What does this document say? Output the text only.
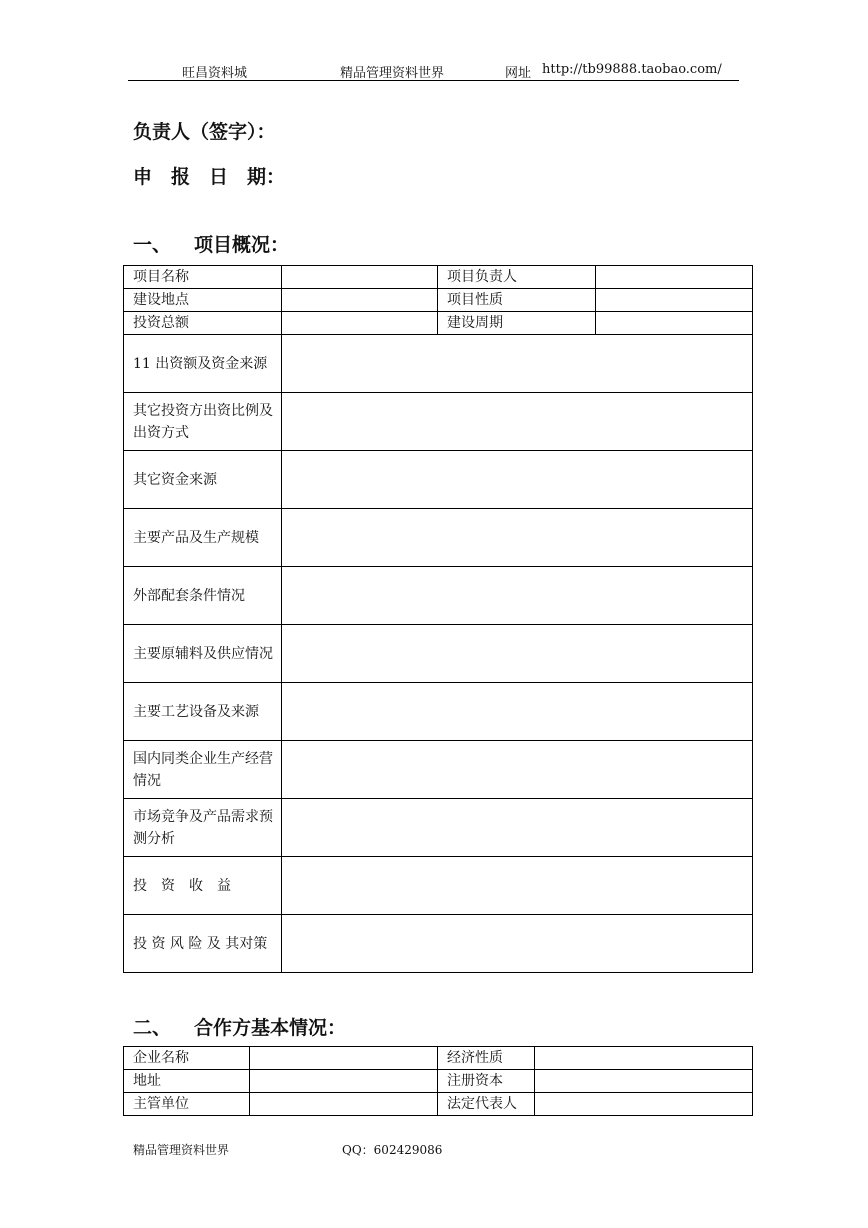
旺昌资料城	精品管理资料世界	网址 http://tb99888.taobao.com/
负责人（签字）：
申　报　日　期：
一、 项目概况：
项目名称		项目负责人	
建设地点		项目性质	
投资总额		建设周期	
11 出资额及资金来源			
其它投资方出资比例及出资方式			
其它资金来源			
主要产品及生产规模			
外部配套条件情况			
主要原辅料及供应情况			
主要工艺设备及来源			
国内同类企业生产经营情况			
市场竞争及产品需求预测分析			
投　资　收　益			
投 资 风 险 及 其对策			
二、 合作方基本情况：
企业名称		经济性质	
地址		注册资本	
主管单位		法定代表人	
精品管理资料世界	QQ：602429086
